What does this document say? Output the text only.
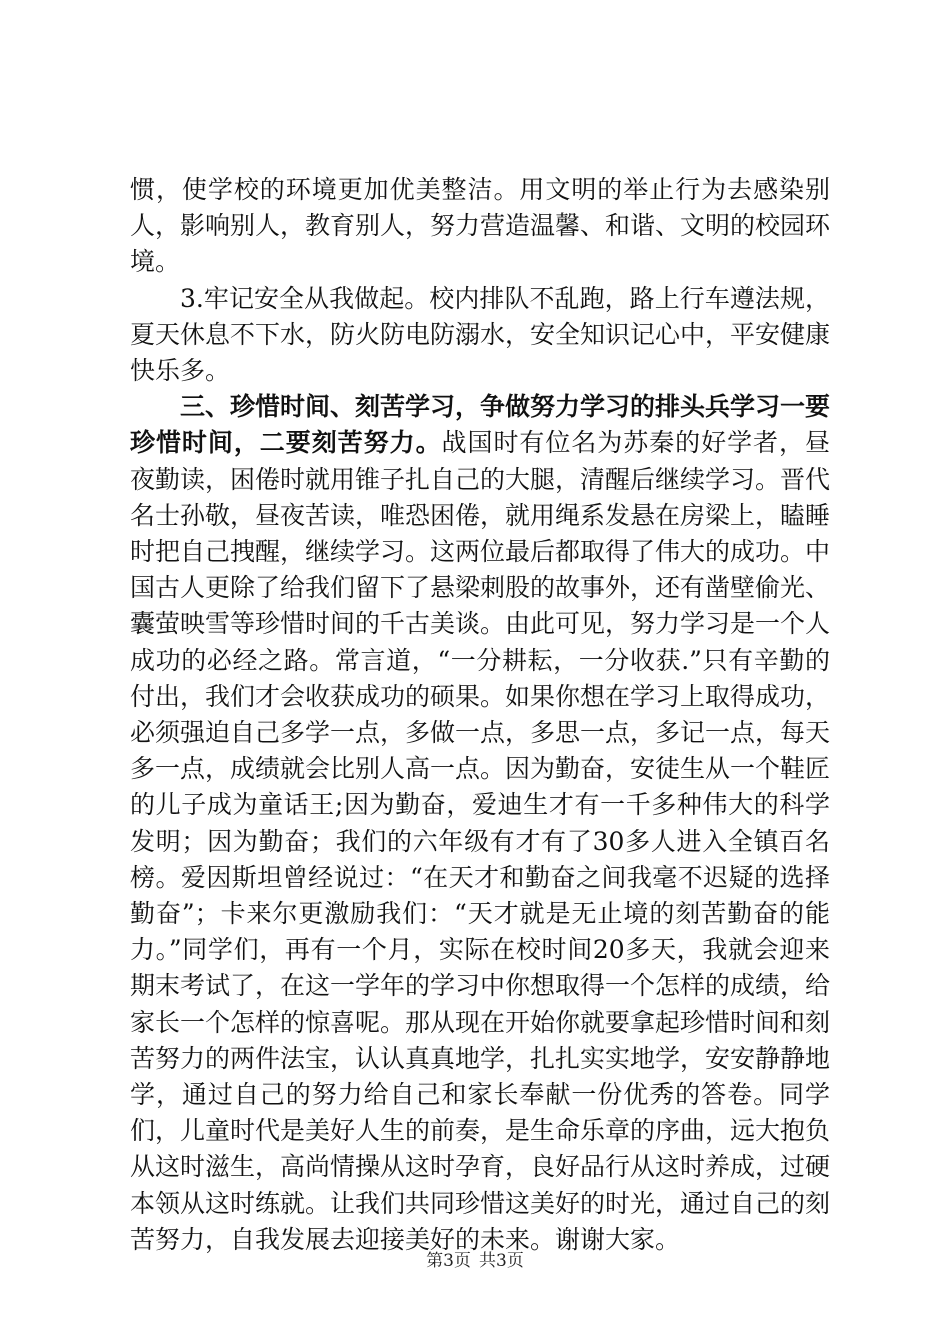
惯，使学校的环境更加优美整洁。用文明的举止行为去感染别人，影响别人，教育别人，努力营造温馨、和谐、文明的校园环境。

3.牢记安全从我做起。校内排队不乱跑，路上行车遵法规，夏天休息不下水，防火防电防溺水，安全知识记心中，平安健康快乐多。

三、珍惜时间、刻苦学习，争做努力学习的排头兵学习一要珍惜时间，二要刻苦努力。战国时有位名为苏秦的好学者，昼夜勤读，困倦时就用锥子扎自己的大腿，清醒后继续学习。晋代名士孙敬，昼夜苦读，唯恐困倦，就用绳系发悬在房梁上，瞌睡时把自己拽醒，继续学习。这两位最后都取得了伟大的成功。中国古人更除了给我们留下了悬梁刺股的故事外，还有凿壁偷光、囊萤映雪等珍惜时间的千古美谈。由此可见，努力学习是一个人成功的必经之路。常言道，“一分耕耘，一分收获.”只有辛勤的付出，我们才会收获成功的硕果。如果你想在学习上取得成功，必须强迫自己多学一点，多做一点，多思一点，多记一点，每天多一点，成绩就会比别人高一点。因为勤奋，安徒生从一个鞋匠的儿子成为童话王;因为勤奋，爱迪生才有一千多种伟大的科学发明；因为勤奋；我们的六年级有才有了30多人进入全镇百名榜。爱因斯坦曾经说过：“在天才和勤奋之间我毫不迟疑的选择勤奋”；卡来尔更激励我们：“天才就是无止境的刻苦勤奋的能力。”同学们，再有一个月，实际在校时间20多天，我就会迎来期末考试了，在这一学年的学习中你想取得一个怎样的成绩，给家长一个怎样的惊喜呢。那从现在开始你就要拿起珍惜时间和刻苦努力的两件法宝，认认真真地学，扎扎实实地学，安安静静地学，通过自己的努力给自己和家长奉献一份优秀的答卷。同学们，儿童时代是美好人生的前奏，是生命乐章的序曲，远大抱负从这时滋生，高尚情操从这时孕育，良好品行从这时养成，过硬本领从这时练就。让我们共同珍惜这美好的时光，通过自己的刻苦努力，自我发展去迎接美好的未来。谢谢大家。

第3页 共3页
